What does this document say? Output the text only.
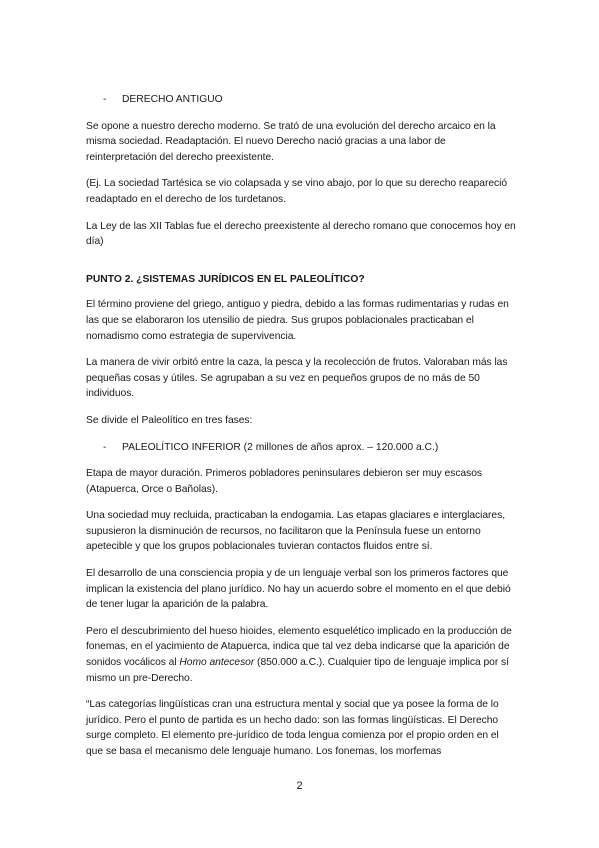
-	DERECHO ANTIGUO

Se opone a nuestro derecho moderno. Se trató de una evolución del derecho arcaico en la misma sociedad. Readaptación. El nuevo Derecho nació gracias a una labor de reinterpretación del derecho preexistente.

(Ej. La sociedad Tartésica se vio colapsada y se vino abajo, por lo que su derecho reapareció readaptado en el derecho de los turdetanos.

La Ley de las XII Tablas fue el derecho preexistente al derecho romano que conocemos hoy en día)

PUNTO 2. ¿SISTEMAS JURÍDICOS EN EL PALEOLÍTICO?

El término proviene del griego, antiguo y piedra, debido a las formas rudimentarias y rudas en las que se elaboraron los utensilio de piedra. Sus grupos poblacionales practicaban el nomadismo como estrategia de supervivencia.

La manera de vivir orbitó entre la caza, la pesca y la recolección de frutos. Valoraban más las pequeñas cosas y útiles. Se agrupaban a su vez en pequeños grupos de no más de 50 individuos.

Se divide el Paleolítico en tres fases:

-	PALEOLÍTICO INFERIOR (2 millones de años aprox. – 120.000 a.C.)

Etapa de mayor duración. Primeros pobladores peninsulares debieron ser muy escasos (Atapuerca, Orce o Bañolas).

Una sociedad muy recluida, practicaban la endogamia. Las etapas glaciares e interglaciares, supusieron la disminución de recursos, no facilitaron que la Península fuese un entorno apetecible y que los grupos poblacionales tuvieran contactos fluidos entre sí.

El desarrollo de una consciencia propia y de un lenguaje verbal son los primeros factores que implican la existencia del plano jurídico. No hay un acuerdo sobre el momento en el que debió de tener lugar la aparición de la palabra.

Pero el descubrimiento del hueso hioides, elemento esquelético implicado en la producción de fonemas, en el yacimiento de Atapuerca, indica que tal vez deba indicarse que la aparición de sonidos vocálicos al Homo antecesor (850.000 a.C.). Cualquier tipo de lenguaje implica por sí mismo un pre-Derecho.

“Las categorías lingüísticas cran una estructura mental y social que ya posee la forma de lo jurídico. Pero el punto de partida es un hecho dado: son las formas lingüísticas. El Derecho surge completo. El elemento pre-jurídico de toda lengua comienza por el propio orden en el que se basa el mecanismo dele lenguaje humano. Los fonemas, los morfemas

2
